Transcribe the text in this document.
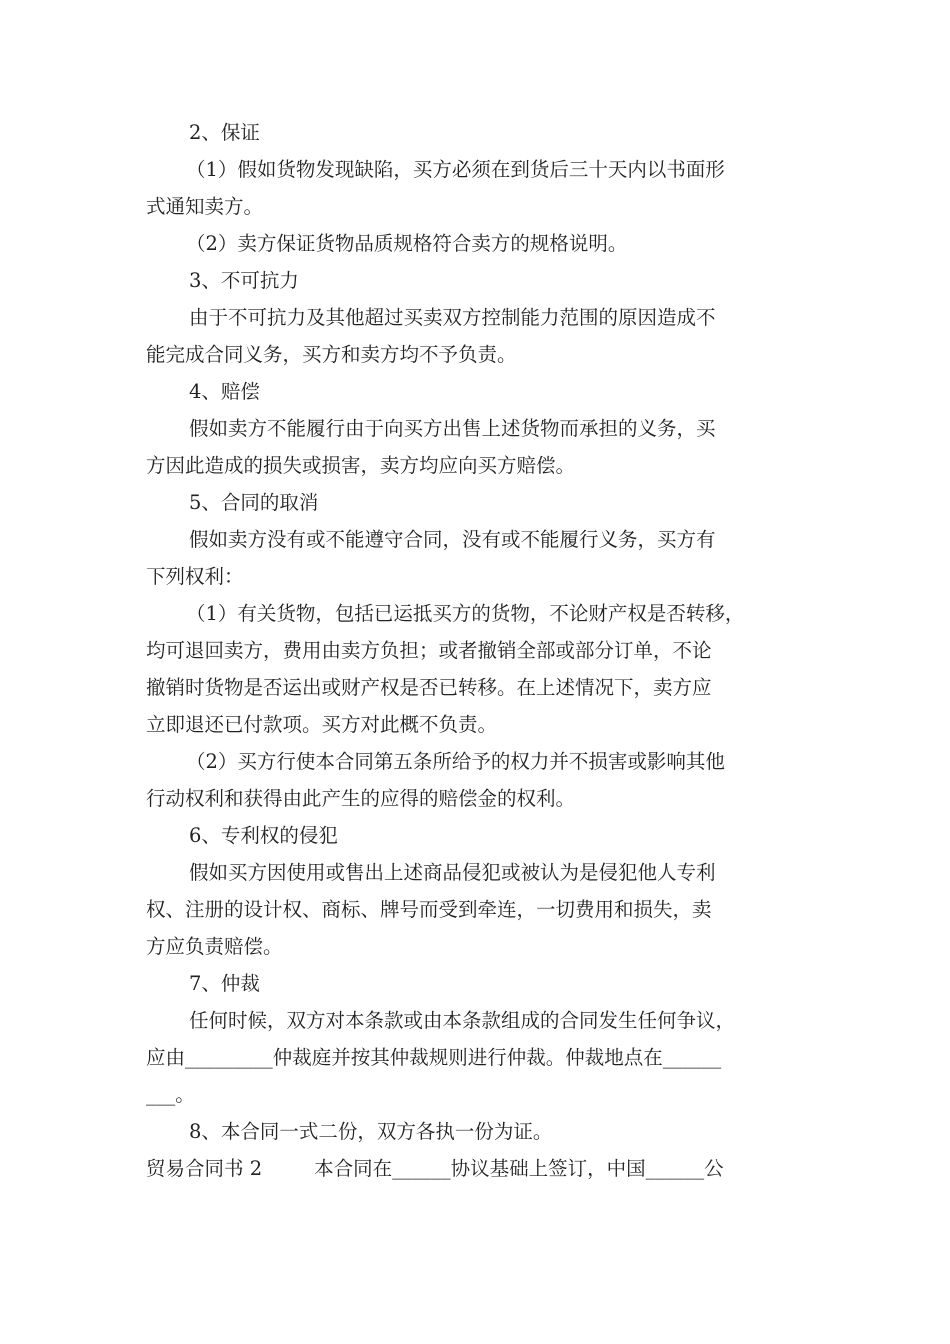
2、保证
（1）假如货物发现缺陷，买方必须在到货后三十天内以书面形
式通知卖方。
（2）卖方保证货物品质规格符合卖方的规格说明。
3、不可抗力
由于不可抗力及其他超过买卖双方控制能力范围的原因造成不
能完成合同义务，买方和卖方均不予负责。
4、赔偿
假如卖方不能履行由于向买方出售上述货物而承担的义务，买
方因此造成的损失或损害，卖方均应向买方赔偿。
5、合同的取消
假如卖方没有或不能遵守合同，没有或不能履行义务，买方有
下列权利：
（1）有关货物，包括已运抵买方的货物，不论财产权是否转移，
均可退回卖方，费用由卖方负担；或者撤销全部或部分订单，不论
撤销时货物是否运出或财产权是否已转移。在上述情况下，卖方应
立即退还已付款项。买方对此概不负责。
（2）买方行使本合同第五条所给予的权力并不损害或影响其他
行动权利和获得由此产生的应得的赔偿金的权利。
6、专利权的侵犯
假如买方因使用或售出上述商品侵犯或被认为是侵犯他人专利
权、注册的设计权、商标、牌号而受到牵连，一切费用和损失，卖
方应负责赔偿。
7、仲裁
任何时候，双方对本条款或由本条款组成的合同发生任何争议，
应由_________仲裁庭并按其仲裁规则进行仲裁。仲裁地点在______
___。
8、本合同一式二份，双方各执一份为证。
贸易合同书 2	本合同在______协议基础上签订，中国______公
